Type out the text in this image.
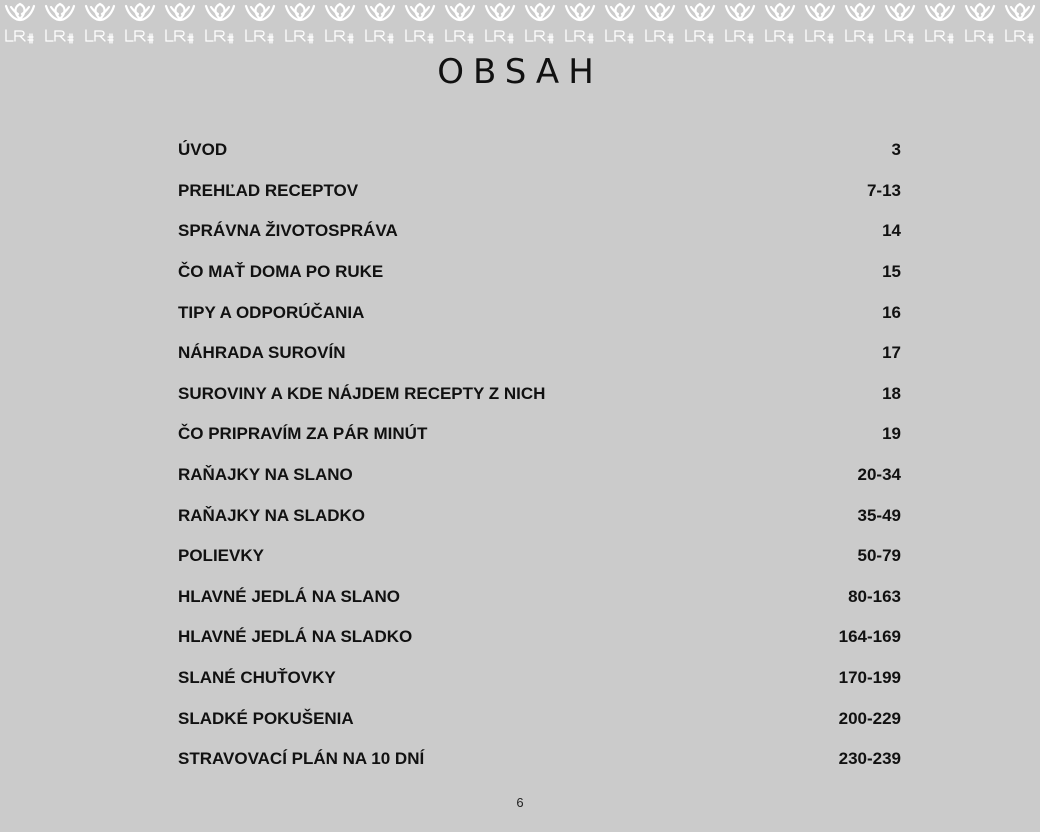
OBSAH
ÚVOD	3
PREHĽAD RECEPTOV	7-13
SPRÁVNA ŽIVOTOSPRÁVA	14
ČO MAŤ DOMA PO RUKE	15
TIPY A ODPORÚČANIA	16
NÁHRADA SUROVÍN	17
SUROVINY A KDE NÁJDEM RECEPTY Z NICH	18
ČO PRIPRAVÍM ZA PÁR MINÚT	19
RAŇAJKY NA SLANO	20-34
RAŇAJKY NA SLADKO	35-49
POLIEVKY	50-79
HLAVNÉ JEDLÁ NA SLANO	80-163
HLAVNÉ JEDLÁ NA SLADKO	164-169
SLANÉ CHUŤOVKY	170-199
SLADKÉ POKUŠENIA	200-229
STRAVOVACÍ PLÁN NA 10 DNÍ	230-239
6
